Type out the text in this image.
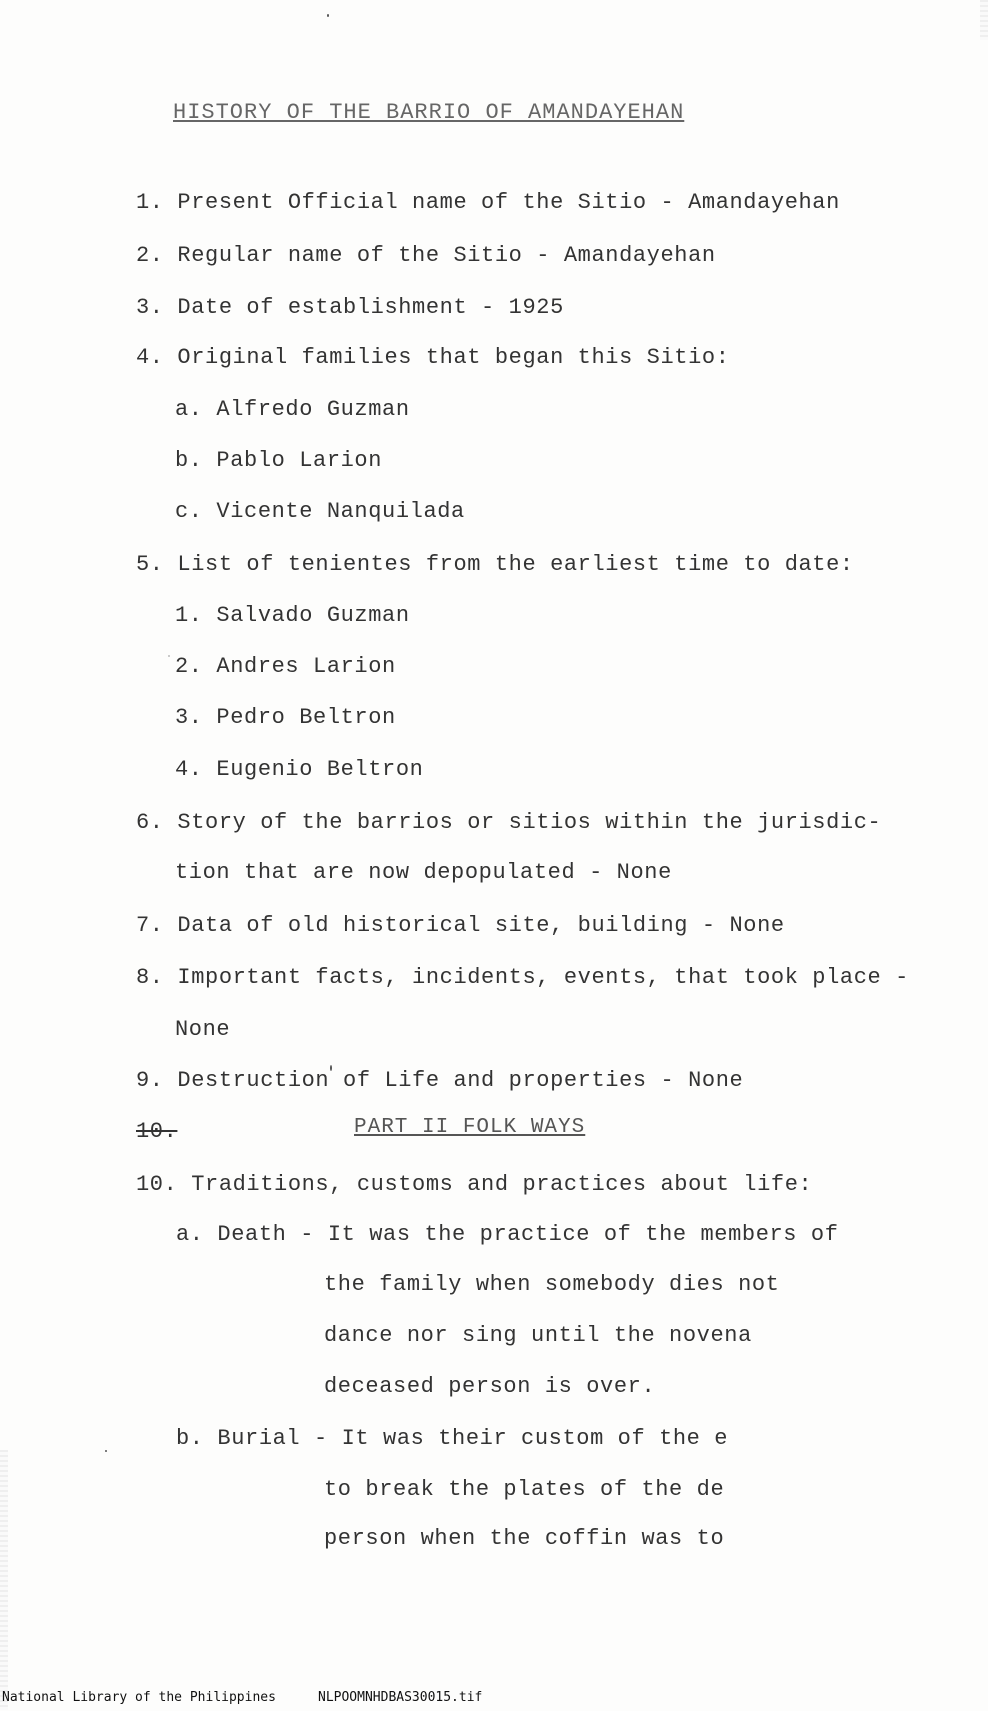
HISTORY OF THE BARRIO OF AMANDAYEHAN
1. Present Official name of the Sitio - Amandayehan
2. Regular name of the Sitio - Amandayehan
3. Date of establishment - 1925
4. Original families that began this Sitio:
a. Alfredo Guzman
b. Pablo Larion
c. Vicente Nanquilada
5. List of tenientes from the earliest time to date:
1. Salvado Guzman
2. Andres Larion
3. Pedro Beltron
4. Eugenio Beltron
6. Story of the barrios or sitios within the jurisdic-
tion that are now depopulated - None
7. Data of old historical site, building - None
8. Important facts, incidents, events, that took place -
None
9. Destruction of Life and properties - None
10.	PART II FOLK WAYS
10. Traditions, customs and practices about life:
a. Death - It was the practice of the members of
the family when somebody dies not
dance nor sing until the novena
deceased person is over.
b. Burial - It was their custom of the e
to break the plates of the de
person when the coffin was to
National Library of the Philippines	NLPOOMNHDBAS30015.tif
